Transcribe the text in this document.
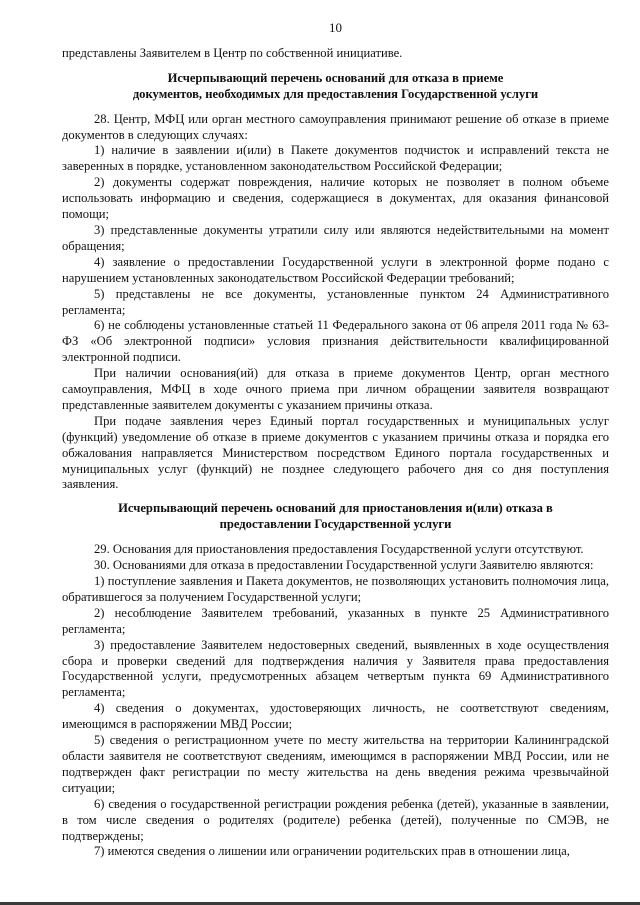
10

представлены Заявителем в Центр по собственной инициативе.

Исчерпывающий перечень оснований для отказа в приеме
документов, необходимых для предоставления Государственной услуги

28. Центр, МФЦ или орган местного самоуправления принимают решение об отказе в приеме документов в следующих случаях:

1) наличие в заявлении и(или) в Пакете документов подчисток и исправлений текста не заверенных в порядке, установленном законодательством Российской Федерации;

2) документы содержат повреждения, наличие которых не позволяет в полном объеме использовать информацию и сведения, содержащиеся в документах, для оказания финансовой помощи;

3) представленные документы утратили силу или являются недействительными на момент обращения;

4) заявление о предоставлении Государственной услуги в электронной форме подано с нарушением установленных законодательством Российской Федерации требований;

5) представлены не все документы, установленные пунктом 24 Административного регламента;

6) не соблюдены установленные статьей 11 Федерального закона от 06 апреля 2011 года № 63-ФЗ «Об электронной подписи» условия признания действительности квалифицированной электронной подписи.

При наличии основания(ий) для отказа в приеме документов Центр, орган местного самоуправления, МФЦ в ходе очного приема при личном обращении заявителя возвращают представленные заявителем документы с указанием причины отказа.

При подаче заявления через Единый портал государственных и муниципальных услуг (функций) уведомление об отказе в приеме документов с указанием причины отказа и порядка его обжалования направляется Министерством посредством Единого портала государственных и муниципальных услуг (функций) не позднее следующего рабочего дня со дня поступления заявления.

Исчерпывающий перечень оснований для приостановления и(или) отказа в
предоставлении Государственной услуги

29. Основания для приостановления предоставления Государственной услуги отсутствуют.

30. Основаниями для отказа в предоставлении Государственной услуги Заявителю являются:

1) поступление заявления и Пакета документов, не позволяющих установить полномочия лица, обратившегося за получением Государственной услуги;

2) несоблюдение Заявителем требований, указанных в пункте 25 Административного регламента;

3) предоставление Заявителем недостоверных сведений, выявленных в ходе осуществления сбора и проверки сведений для подтверждения наличия у Заявителя права предоставления Государственной услуги, предусмотренных абзацем четвертым пункта 69 Административного регламента;

4) сведения о документах, удостоверяющих личность, не соответствуют сведениям, имеющимся в распоряжении МВД России;

5) сведения о регистрационном учете по месту жительства на территории Калининградской области заявителя не соответствуют сведениям, имеющимся в распоряжении МВД России, или не подтвержден факт регистрации по месту жительства на день введения режима чрезвычайной ситуации;

6) сведения о государственной регистрации рождения ребенка (детей), указанные в заявлении, в том числе сведения о родителях (родителе) ребенка (детей), полученные по СМЭВ, не подтверждены;

7) имеются сведения о лишении или ограничении родительских прав в отношении лица,
